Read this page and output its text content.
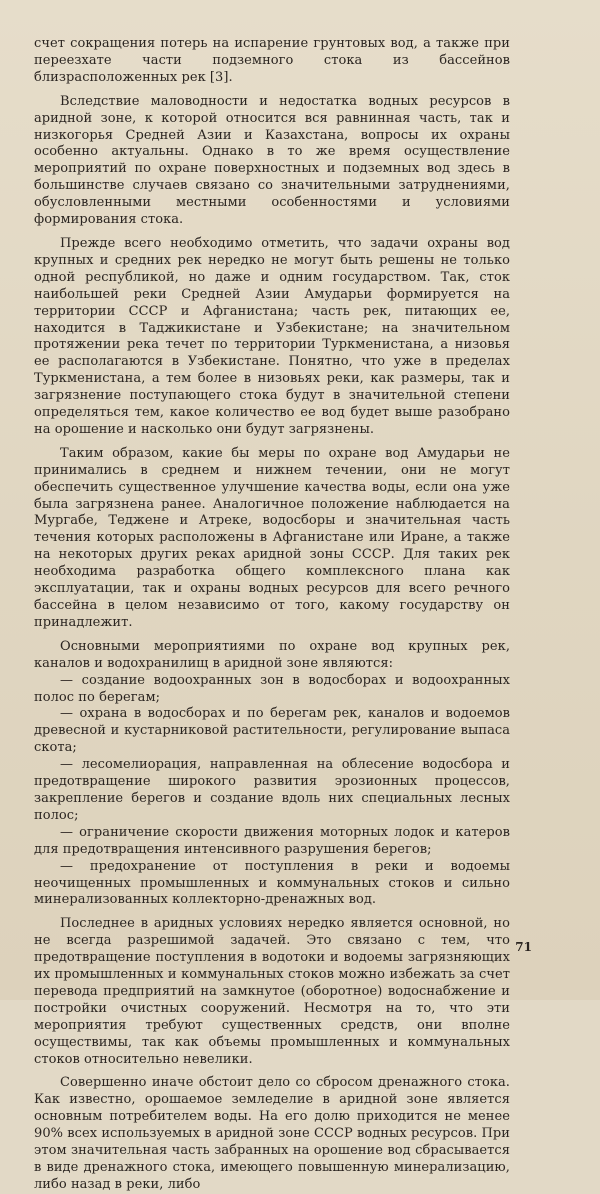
счет сокращения потерь на испарение грунтовых вод, а также при переезхате части подземного стока из бассейнов близрасположенных рек [3].

Вследствие маловодности и недостатка водных ресурсов в аридной зоне, к которой относится вся равнинная часть, так и низкогорья Средней Азии и Казахстана, вопросы их охраны особенно актуальны. Однако в то же время осуществление мероприятий по охране поверхностных и подземных вод здесь в большинстве случаев связано со значительными затруднениями, обусловленными местными особенностями и условиями формирования стока.

Прежде всего необходимо отметить, что задачи охраны вод крупных и средних рек нередко не могут быть решены не только одной республикой, но даже и одним государством. Так, сток наибольшей реки Средней Азии Амударьи формируется на территории СССР и Афганистана; часть рек, питающих ее, находится в Таджикистане и Узбекистане; на значительном протяжении река течет по территории Туркменистана, а низовья ее располагаются в Узбекистане. Понятно, что уже в пределах Туркменистана, а тем более в низовьях реки, как размеры, так и загрязнение поступающего стока будут в значительной степени определяться тем, какое количество ее вод будет выше разобрано на орошение и насколько они будут загрязнены.

Таким образом, какие бы меры по охране вод Амударьи не принимались в среднем и нижнем течении, они не могут обеспечить существенное улучшение качества воды, если она уже была загрязнена ранее. Аналогичное положение наблюдается на Мургабе, Теджене и Атреке, водосборы и значительная часть течения которых расположены в Афганистане или Иране, а также на некоторых других реках аридной зоны СССР. Для таких рек необходима разработка общего комплексного плана как эксплуатации, так и охраны водных ресурсов для всего речного бассейна в целом независимо от того, какому государству он принадлежит.

Основными мероприятиями по охране вод крупных рек, каналов и водохранилищ в аридной зоне являются:

— создание водоохранных зон в водосборах и водоохранных полос по берегам;

— охрана в водосборах и по берегам рек, каналов и водоемов древесной и кустарниковой растительности, регулирование выпаса скота;

— лесомелиорация, направленная на облесение водосбора и предотвращение широкого развития эрозионных процессов, закрепление берегов и создание вдоль них специальных лесных полос;

— ограничение скорости движения моторных лодок и катеров для предотвращения интенсивного разрушения берегов;

— предохранение от поступления в реки и водоемы неочищенных промышленных и коммунальных стоков и сильно минерализованных коллекторно-дренажных вод.

Последнее в аридных условиях нередко является основной, но не всегда разрешимой задачей. Это связано с тем, что предотвращение поступления в водотоки и водоемы загрязняющих их промышленных и коммунальных стоков можно избежать за счет перевода предприятий на замкнутое (оборотное) водоснабжение и постройки очистных сооружений. Несмотря на то, что эти мероприятия требуют существенных средств, они вполне осуществимы, так как объемы промышленных и коммунальных стоков относительно невелики.

Совершенно иначе обстоит дело со сбросом дренажного стока. Как известно, орошаемое земледелие в аридной зоне является основным потребителем воды. На его долю приходится не менее 90% всех используемых в аридной зоне СССР водных ресурсов. При этом значительная часть забранных на орошение вод сбрасывается в виде дренажного стока, имеющего повышенную минерализацию, либо назад в реки, либо

71
